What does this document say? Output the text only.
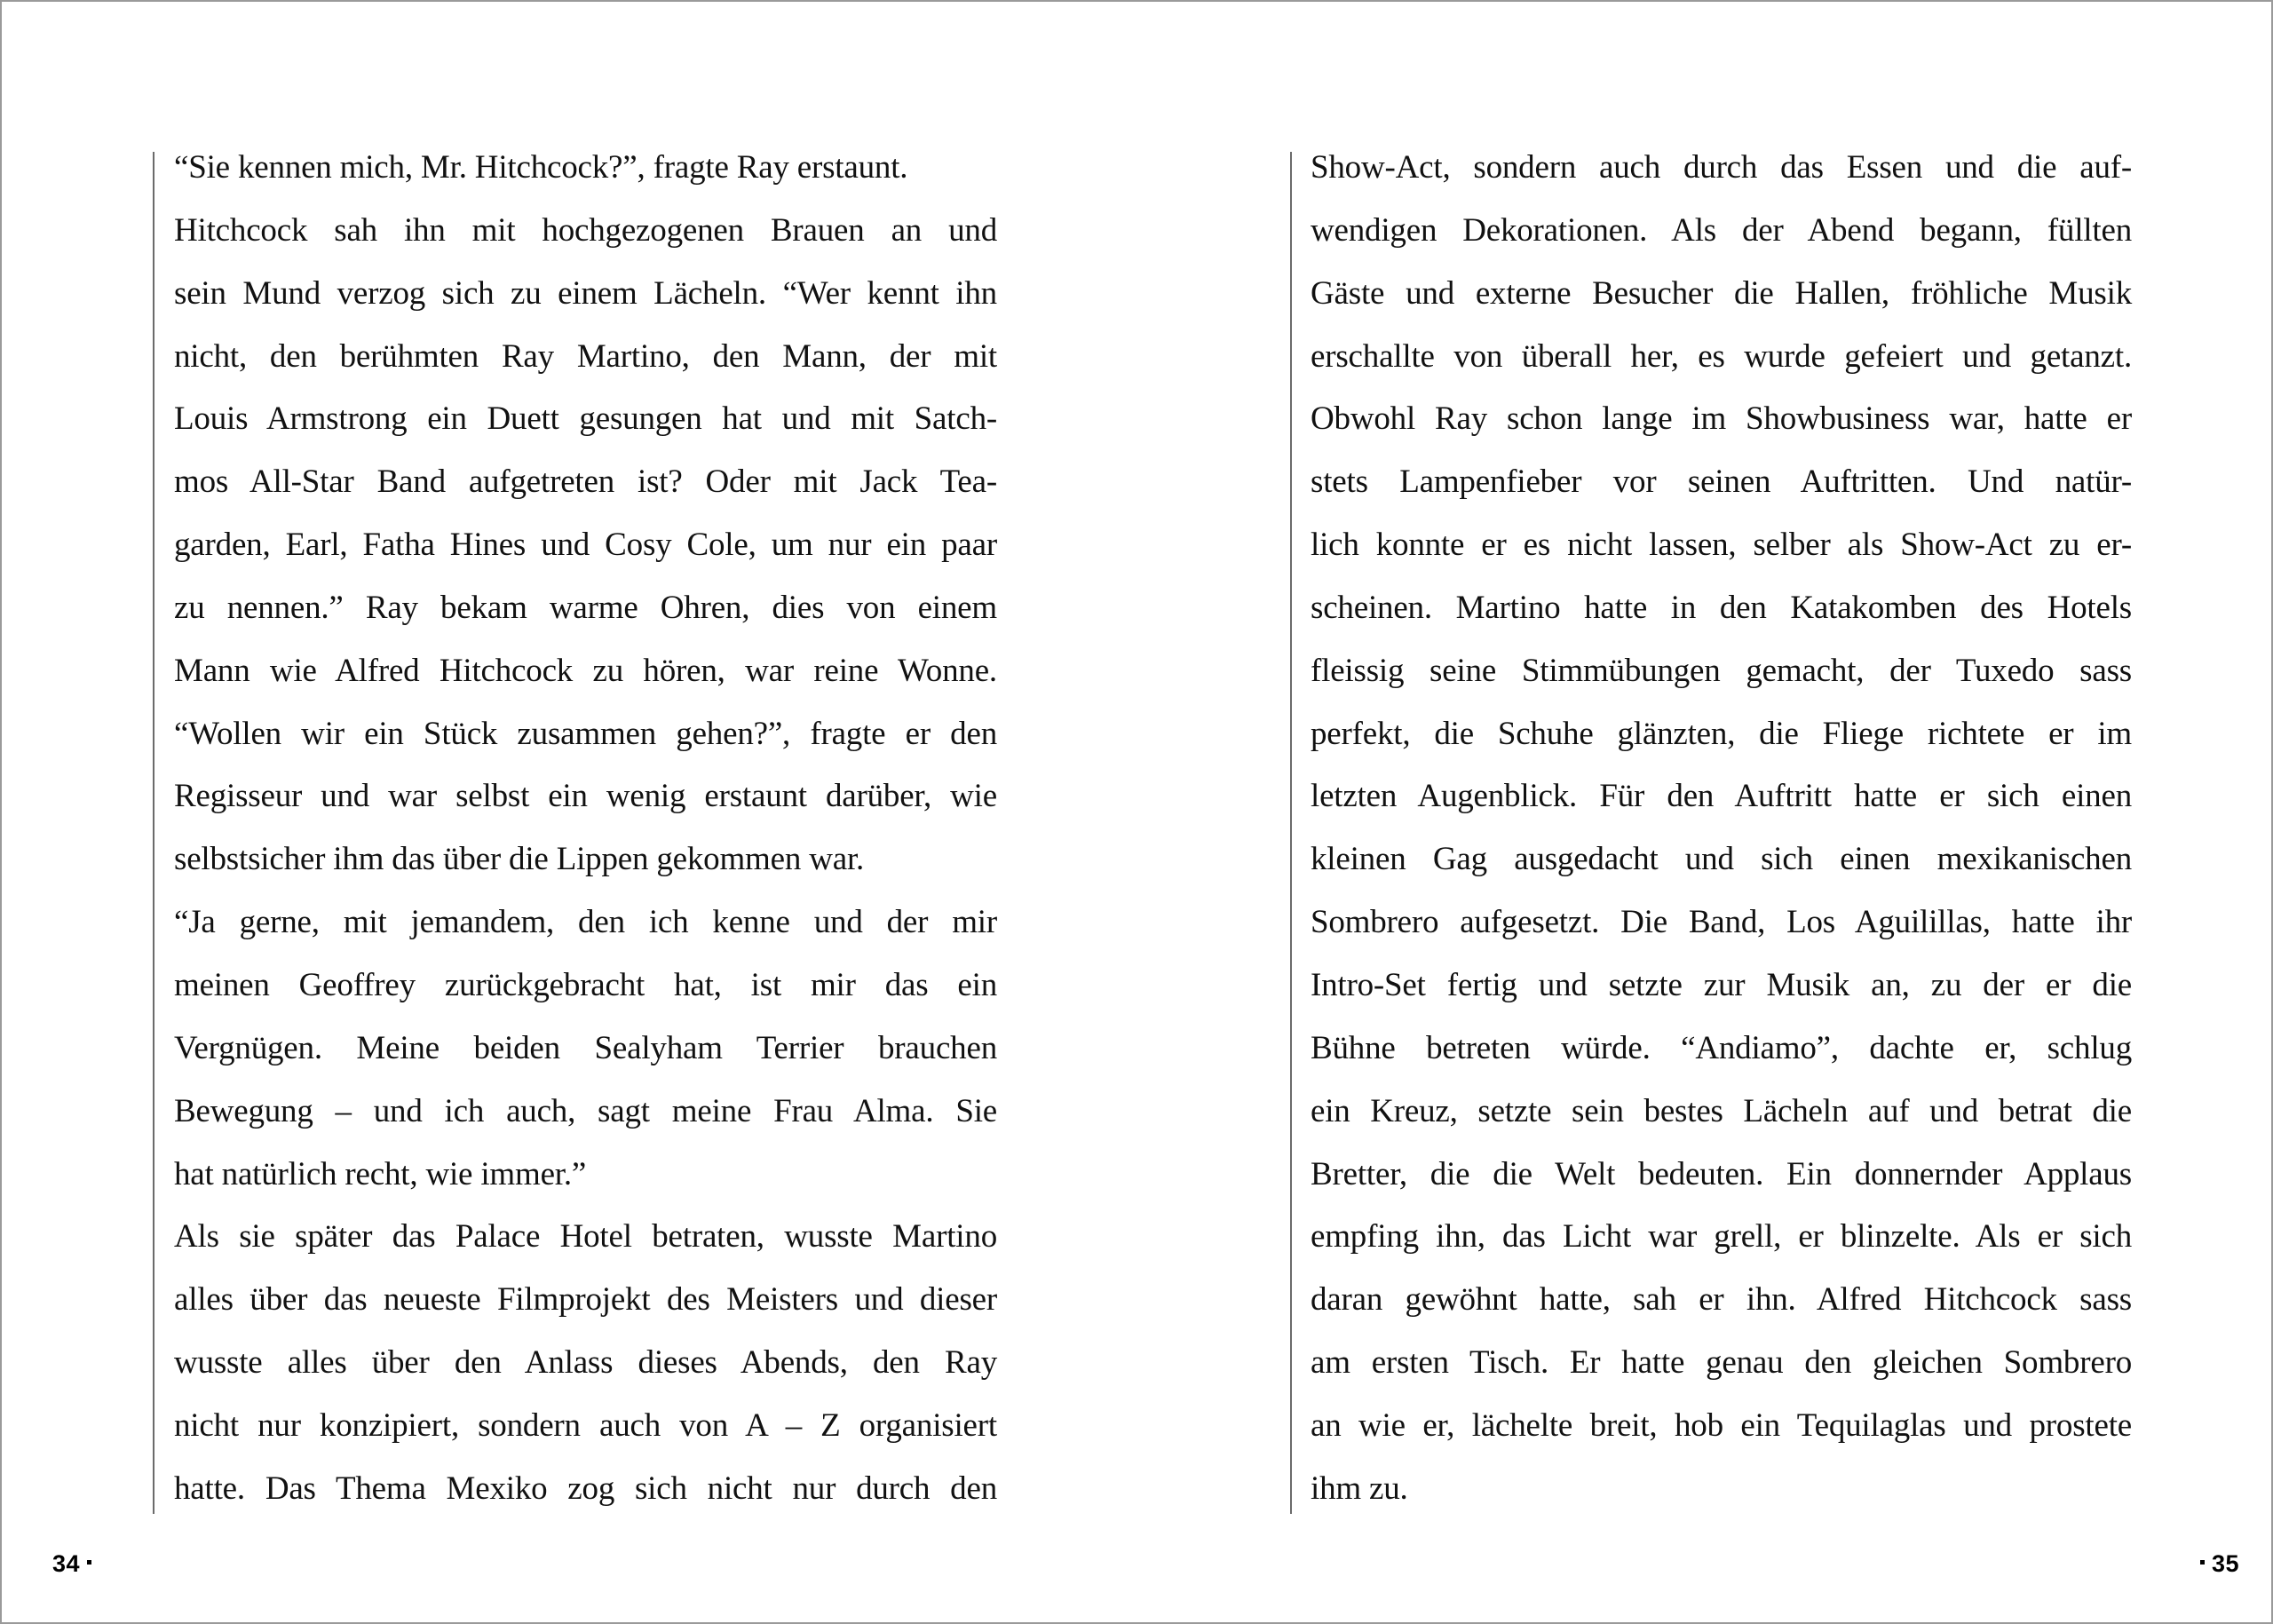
“Sie kennen mich, Mr. Hitchcock?”, fragte Ray erstaunt.
Hitchcock sah ihn mit hochgezogenen Brauen an und
sein Mund verzog sich zu einem Lächeln. “Wer kennt ihn
nicht, den berühmten Ray Martino, den Mann, der mit
Louis Armstrong ein Duett gesungen hat und mit Satch-
mos All-Star Band aufgetreten ist? Oder mit Jack Tea-
garden, Earl, Fatha Hines und Cosy Cole, um nur ein paar
zu nennen.” Ray bekam warme Ohren, dies von einem
Mann wie Alfred Hitchcock zu hören, war reine Wonne.
“Wollen wir ein Stück zusammen gehen?”, fragte er den
Regisseur und war selbst ein wenig erstaunt darüber, wie
selbstsicher ihm das über die Lippen gekommen war.
“Ja gerne, mit jemandem, den ich kenne und der mir
meinen Geoffrey zurückgebracht hat, ist mir das ein
Vergnügen. Meine beiden Sealyham Terrier brauchen
Bewegung – und ich auch, sagt meine Frau Alma. Sie
hat natürlich recht, wie immer.”
Als sie später das Palace Hotel betraten, wusste Martino
alles über das neueste Filmprojekt des Meisters und dieser
wusste alles über den Anlass dieses Abends, den Ray
nicht nur konzipiert, sondern auch von A – Z organisiert
hatte. Das Thema Mexiko zog sich nicht nur durch den
34
Show-Act, sondern auch durch das Essen und die auf-
wendigen Dekorationen. Als der Abend begann, füllten
Gäste und externe Besucher die Hallen, fröhliche Musik
erschallte von überall her, es wurde gefeiert und getanzt.
Obwohl Ray schon lange im Showbusiness war, hatte er
stets Lampenfieber vor seinen Auftritten. Und natür-
lich konnte er es nicht lassen, selber als Show-Act zu er-
scheinen. Martino hatte in den Katakomben des Hotels
fleissig seine Stimmübungen gemacht, der Tuxedo sass
perfekt, die Schuhe glänzten, die Fliege richtete er im
letzten Augenblick. Für den Auftritt hatte er sich einen
kleinen Gag ausgedacht und sich einen mexikanischen
Sombrero aufgesetzt. Die Band, Los Aguilillas, hatte ihr
Intro-Set fertig und setzte zur Musik an, zu der er die
Bühne betreten würde. “Andiamo”, dachte er, schlug
ein Kreuz, setzte sein bestes Lächeln auf und betrat die
Bretter, die die Welt bedeuten. Ein donnernder Applaus
empfing ihn, das Licht war grell, er blinzelte. Als er sich
daran gewöhnt hatte, sah er ihn. Alfred Hitchcock sass
am ersten Tisch. Er hatte genau den gleichen Sombrero
an wie er, lächelte breit, hob ein Tequilaglas und prostete
ihm zu.
35
